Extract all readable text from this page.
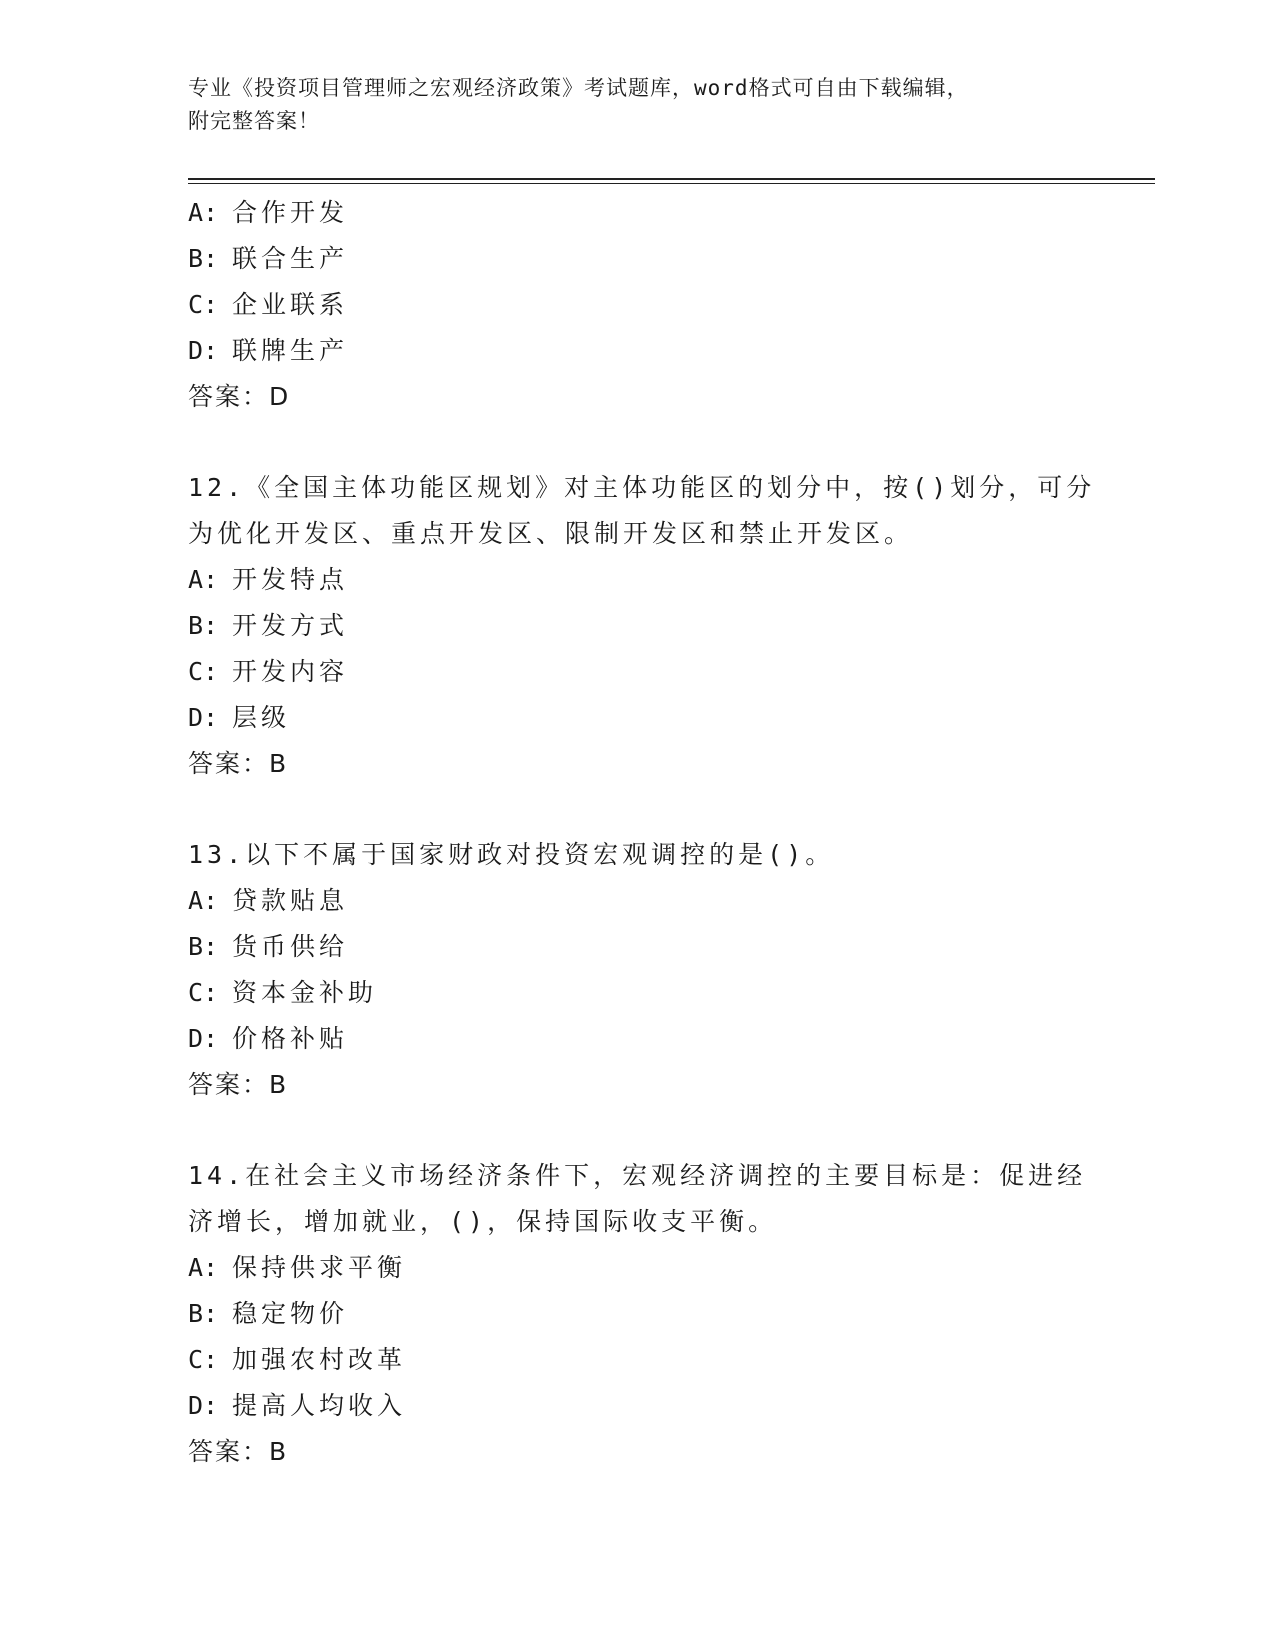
专业《投资项目管理师之宏观经济政策》考试题库，word格式可自由下载编辑，
附完整答案！
A: 合作开发
B: 联合生产
C: 企业联系
D: 联牌生产
答案：D
12.《全国主体功能区规划》对主体功能区的划分中，按()划分，可分
为优化开发区、重点开发区、限制开发区和禁止开发区。
A: 开发特点
B: 开发方式
C: 开发内容
D: 层级
答案：B
13.以下不属于国家财政对投资宏观调控的是()。
A: 贷款贴息
B: 货币供给
C: 资本金补助
D: 价格补贴
答案：B
14.在社会主义市场经济条件下，宏观经济调控的主要目标是：促进经
济增长，增加就业，()，保持国际收支平衡。
A: 保持供求平衡
B: 稳定物价
C: 加强农村改革
D: 提高人均收入
答案：B
